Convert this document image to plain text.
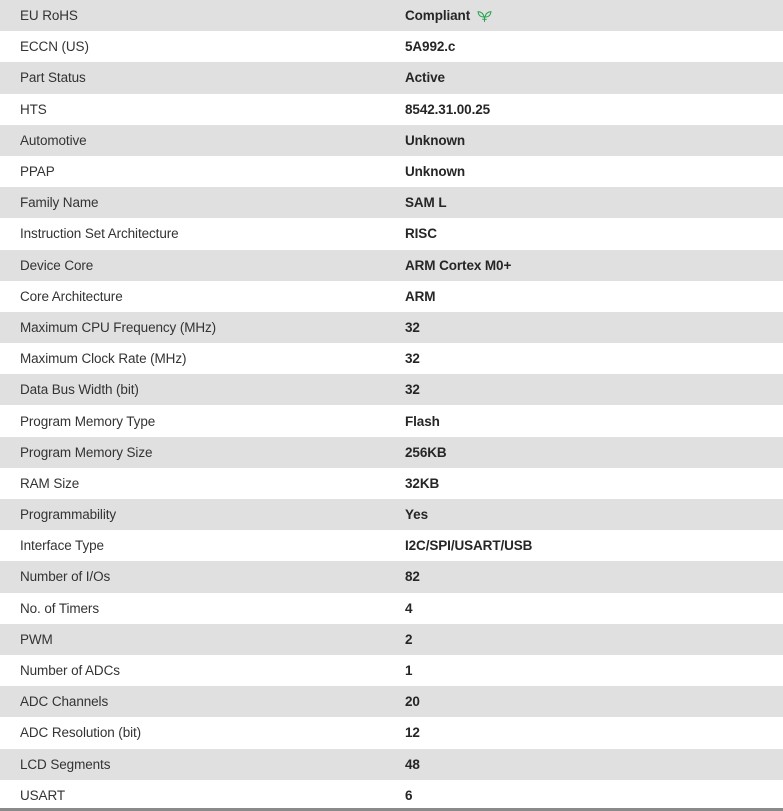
EU RoHS	Compliant
ECCN (US)	5A992.c
Part Status	Active
HTS	8542.31.00.25
Automotive	Unknown
PPAP	Unknown
Family Name	SAM L
Instruction Set Architecture	RISC
Device Core	ARM Cortex M0+
Core Architecture	ARM
Maximum CPU Frequency (MHz)	32
Maximum Clock Rate (MHz)	32
Data Bus Width (bit)	32
Program Memory Type	Flash
Program Memory Size	256KB
RAM Size	32KB
Programmability	Yes
Interface Type	I2C/SPI/USART/USB
Number of I/Os	82
No. of Timers	4
PWM	2
Number of ADCs	1
ADC Channels	20
ADC Resolution (bit)	12
LCD Segments	48
USART	6
